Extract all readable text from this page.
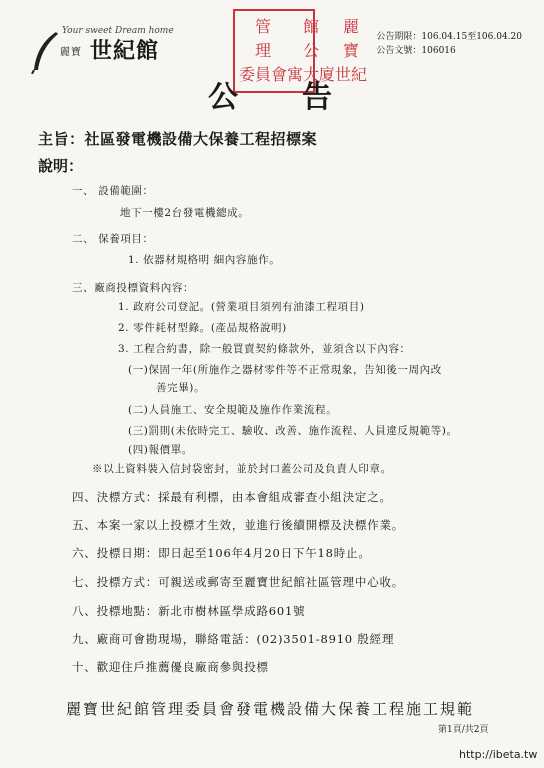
Your sweet Dream home
麗寶 世紀館
管	館	麗
理	公	寶
委員會 寓大廈 世紀
公告期限：106.04.15至106.04.20
公告文號：106016
公告
主旨：社區發電機設備大保養工程招標案
說明：
一、 設備範圍：
地下一樓2台發電機總成。
二、 保養項目：
1. 依器材規格明 細內容施作。
三、廠商投標資料內容：
1. 政府公司登記。(營業項目須列有油漆工程項目)
2. 零件耗材型錄。(產品規格說明)
3. 工程合約書，除一般買賣契約條款外，並須含以下內容：
(一)保固一年(所施作之器材零件等不正常現象，告知後一周內改
善完畢)。
(二)人員施工、安全規範及施作作業流程。
(三)罰則(未依時完工、驗收、改善、施作流程、人員違反規範等)。
(四)報價單。
※以上資料裝入信封袋密封，並於封口蓋公司及負責人印章。
四、決標方式：採最有利標，由本會組成審查小組決定之。
五、本案一家以上投標才生效，並進行後續開標及決標作業。
六、投標日期：即日起至106年4月20日下午18時止。
七、投標方式：可親送或郵寄至麗寶世紀館社區管理中心收。
八、投標地點：新北市樹林區學成路601號
九、廠商可會勘現場，聯絡電話：(02)3501-8910 殷經理
十、歡迎住戶推薦優良廠商參與投標
麗寶世紀館管理委員會發電機設備大保養工程施工規範
第1頁/共2頁
http://ibeta.tw
